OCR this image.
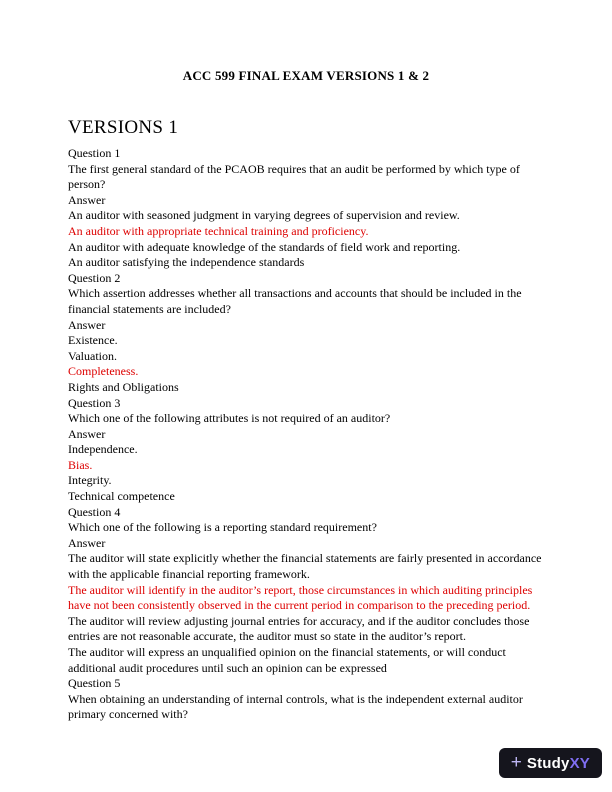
ACC 599 FINAL EXAM VERSIONS 1 & 2
VERSIONS 1

Question 1

The first general standard of the PCAOB requires that an audit be performed by which type of person?

Answer

An auditor with seasoned judgment in varying degrees of supervision and review.

An auditor with appropriate technical training and proficiency.

An auditor with adequate knowledge of the standards of field work and reporting.

An auditor satisfying the independence standards

Question 2

Which assertion addresses whether all transactions and accounts that should be included in the financial statements are included?

Answer

Existence.

Valuation.

Completeness.

Rights and Obligations

Question 3

Which one of the following attributes is not required of an auditor?

Answer

Independence.

Bias.

Integrity.

Technical competence

Question 4

Which one of the following is a reporting standard requirement?

Answer

The auditor will state explicitly whether the financial statements are fairly presented in accordance with the applicable financial reporting framework.

The auditor will identify in the auditor’s report, those circumstances in which auditing principles have not been consistently observed in the current period in comparison to the preceding period.

The auditor will review adjusting journal entries for accuracy, and if the auditor concludes those entries are not reasonable accurate, the auditor must so state in the auditor’s report.

The auditor will express an unqualified opinion on the financial statements, or will conduct additional audit procedures until such an opinion can be expressed

Question 5

When obtaining an understanding of internal controls, what is the independent external auditor primary concerned with?

+ StudyXY
